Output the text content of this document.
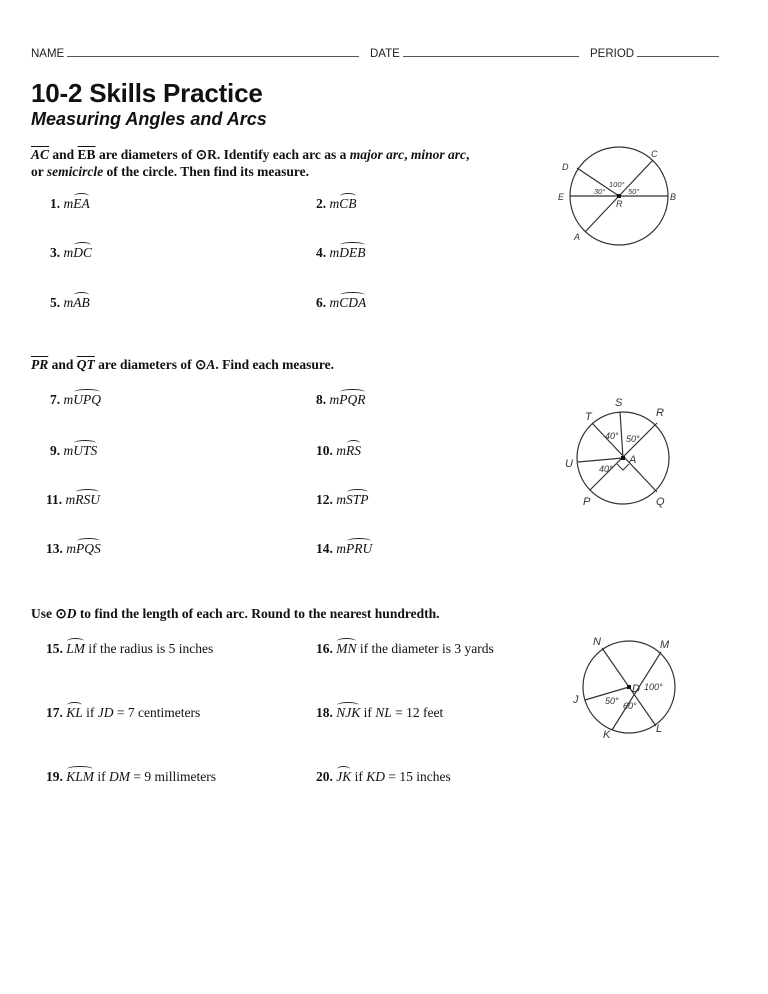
NAME	DATE	PERIOD
10-2 Skills Practice
Measuring Angles and Arcs
$\overline{AC}$ and $\overline{EB}$ are diameters of ⊙R. Identify each arc as a major arc, minor arc,
or semicircle of the circle. Then find its measure.
1. mEA	2. mCB
3. mDC	4. mDEB
5. mAB	6. mCDA
D
C
E	B
A
R
30°
100°
50°
$\overline{PR}$ and $\overline{QT}$ are diameters of ⊙A. Find each measure.
7. mUPQ	8. mPQR
9. mUTS	10. mRS
11. mRSU	12. mSTP
13. mPQS	14. mPRU
S
T	R
U	A
P	Q
40° 50°
40°
Use ⊙D to find the length of each arc. Round to the nearest hundredth.
15. LM if the radius is 5 inches	16. MN if the diameter is 3 yards
17. KL if JD = 7 centimeters	18. NJK if NL = 12 feet
19. KLM if DM = 9 millimeters	20. JK if KD = 15 inches
N	M
D
J
K	L
100°
50° 60°
